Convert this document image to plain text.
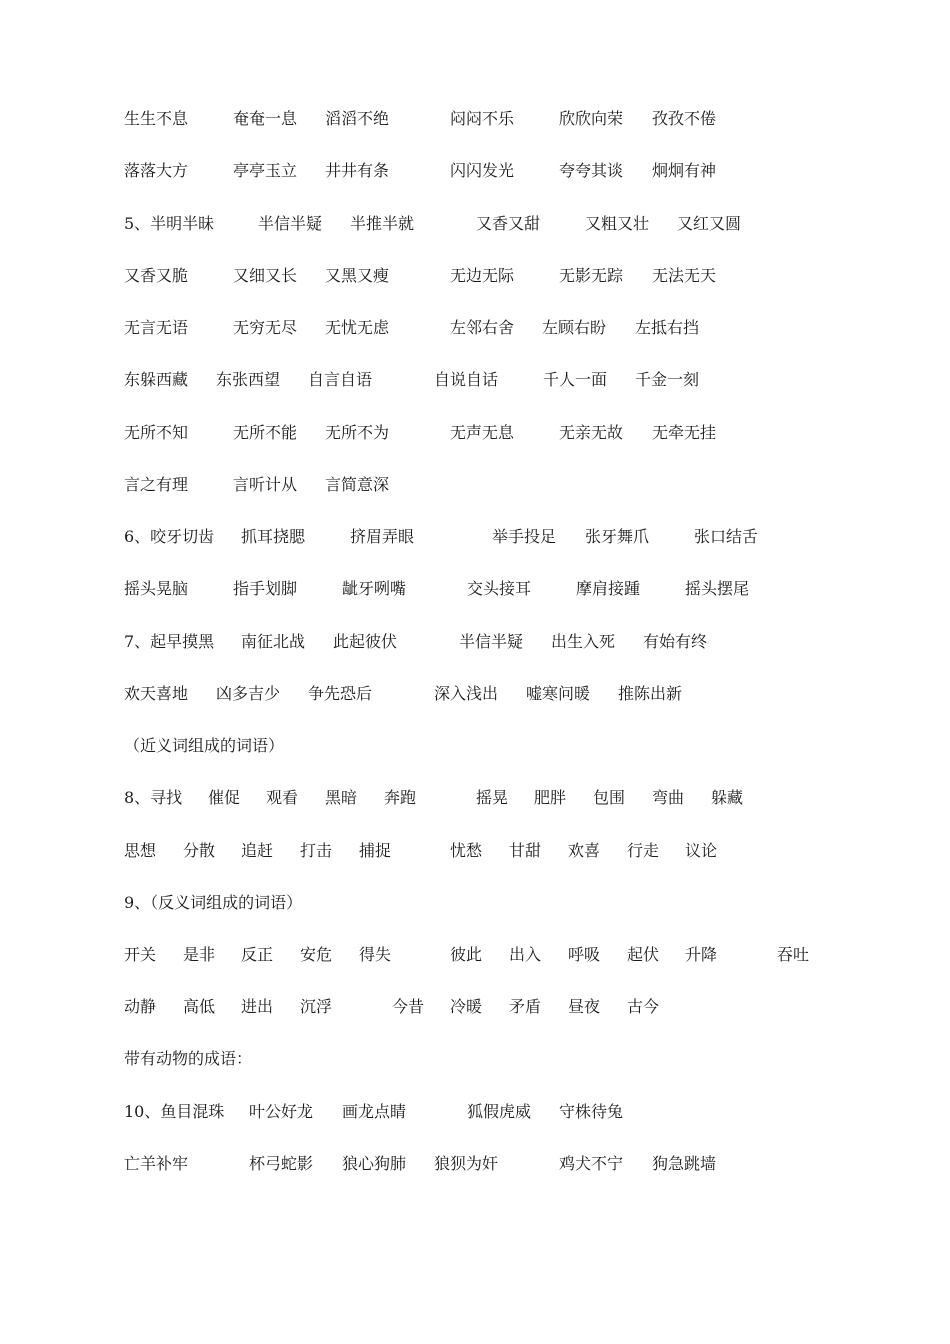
生生不息	奄奄一息 滔滔不绝	闷闷不乐	欣欣向荣 孜孜不倦
落落大方	亭亭玉立 井井有条	闪闪发光	夸夸其谈 炯炯有神
5、半明半昧	半信半疑 半推半就	又香又甜	又粗又壮 又红又圆
又香又脆	又细又长 又黑又瘦	无边无际	无影无踪 无法无天
无言无语	无穷无尽 无忧无虑	左邻右舍 左顾右盼 左抵右挡
东躲西藏 东张西望 自言自语	自说自话	千人一面 千金一刻
无所不知	无所不能 无所不为	无声无息	无亲无故 无牵无挂
言之有理	言听计从 言简意深
6、咬牙切齿 抓耳挠腮	挤眉弄眼	举手投足 张牙舞爪	张口结舌
摇头晃脑	指手划脚	龇牙咧嘴	交头接耳	摩肩接踵	摇头摆尾
7、起早摸黑 南征北战 此起彼伏	半信半疑 出生入死 有始有终
欢天喜地 凶多吉少 争先恐后	深入浅出 嘘寒问暖 推陈出新
（近义词组成的词语）
8、寻找 催促 观看 黑暗 奔跑	摇晃 肥胖 包围 弯曲 躲藏
思想 分散 追赶 打击 捕捉	忧愁 甘甜 欢喜 行走 议论
9、（反义词组成的词语）
开关 是非 反正 安危 得失	彼此 出入 呼吸 起伏 升降	吞吐
动静 高低 进出 沉浮	今昔 冷暖 矛盾 昼夜 古今
带有动物的成语：
10、鱼目混珠 叶公好龙 画龙点睛	狐假虎威 守株待兔
亡羊补牢	杯弓蛇影 狼心狗肺 狼狈为奸	鸡犬不宁 狗急跳墙
